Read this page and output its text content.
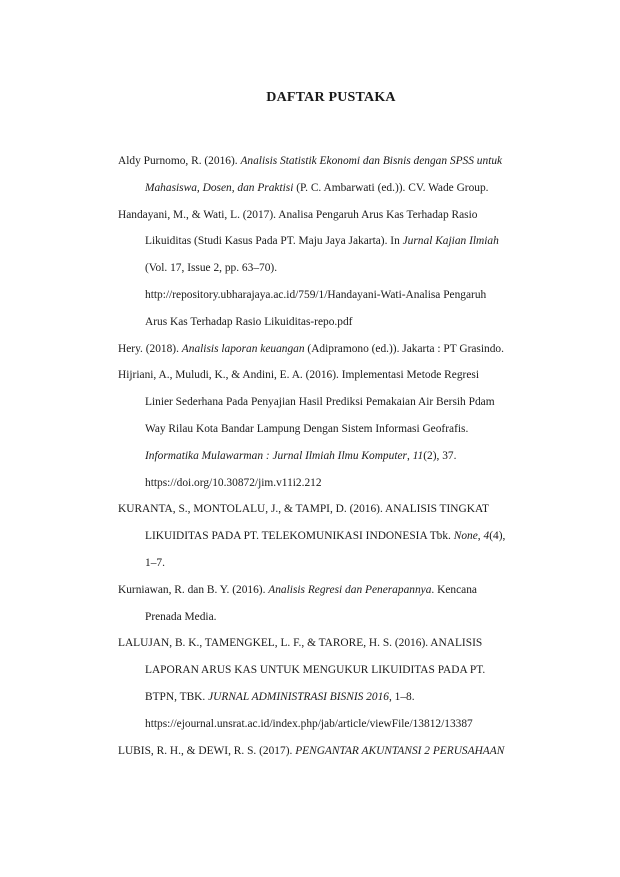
DAFTAR PUSTAKA
Aldy Purnomo, R. (2016). Analisis Statistik Ekonomi dan Bisnis dengan SPSS untuk
Mahasiswa, Dosen, dan Praktisi (P. C. Ambarwati (ed.)). CV. Wade Group.
Handayani, M., & Wati, L. (2017). Analisa Pengaruh Arus Kas Terhadap Rasio
Likuiditas (Studi Kasus Pada PT. Maju Jaya Jakarta). In Jurnal Kajian Ilmiah
(Vol. 17, Issue 2, pp. 63–70).
http://repository.ubharajaya.ac.id/759/1/Handayani-Wati-Analisa Pengaruh
Arus Kas Terhadap Rasio Likuiditas-repo.pdf
Hery. (2018). Analisis laporan keuangan (Adipramono (ed.)). Jakarta : PT Grasindo.
Hijriani, A., Muludi, K., & Andini, E. A. (2016). Implementasi Metode Regresi
Linier Sederhana Pada Penyajian Hasil Prediksi Pemakaian Air Bersih Pdam
Way Rilau Kota Bandar Lampung Dengan Sistem Informasi Geofrafis.
Informatika Mulawarman : Jurnal Ilmiah Ilmu Komputer, 11(2), 37.
https://doi.org/10.30872/jim.v11i2.212
KURANTA, S., MONTOLALU, J., & TAMPI, D. (2016). ANALISIS TINGKAT
LIKUIDITAS PADA PT. TELEKOMUNIKASI INDONESIA Tbk. None, 4(4),
1–7.
Kurniawan, R. dan B. Y. (2016). Analisis Regresi dan Penerapannya. Kencana
Prenada Media.
LALUJAN, B. K., TAMENGKEL, L. F., & TARORE, H. S. (2016). ANALISIS
LAPORAN ARUS KAS UNTUK MENGUKUR LIKUIDITAS PADA PT.
BTPN, TBK. JURNAL ADMINISTRASI BISNIS 2016, 1–8.
https://ejournal.unsrat.ac.id/index.php/jab/article/viewFile/13812/13387
LUBIS, R. H., & DEWI, R. S. (2017). PENGANTAR AKUNTANSI 2 PERUSAHAAN
